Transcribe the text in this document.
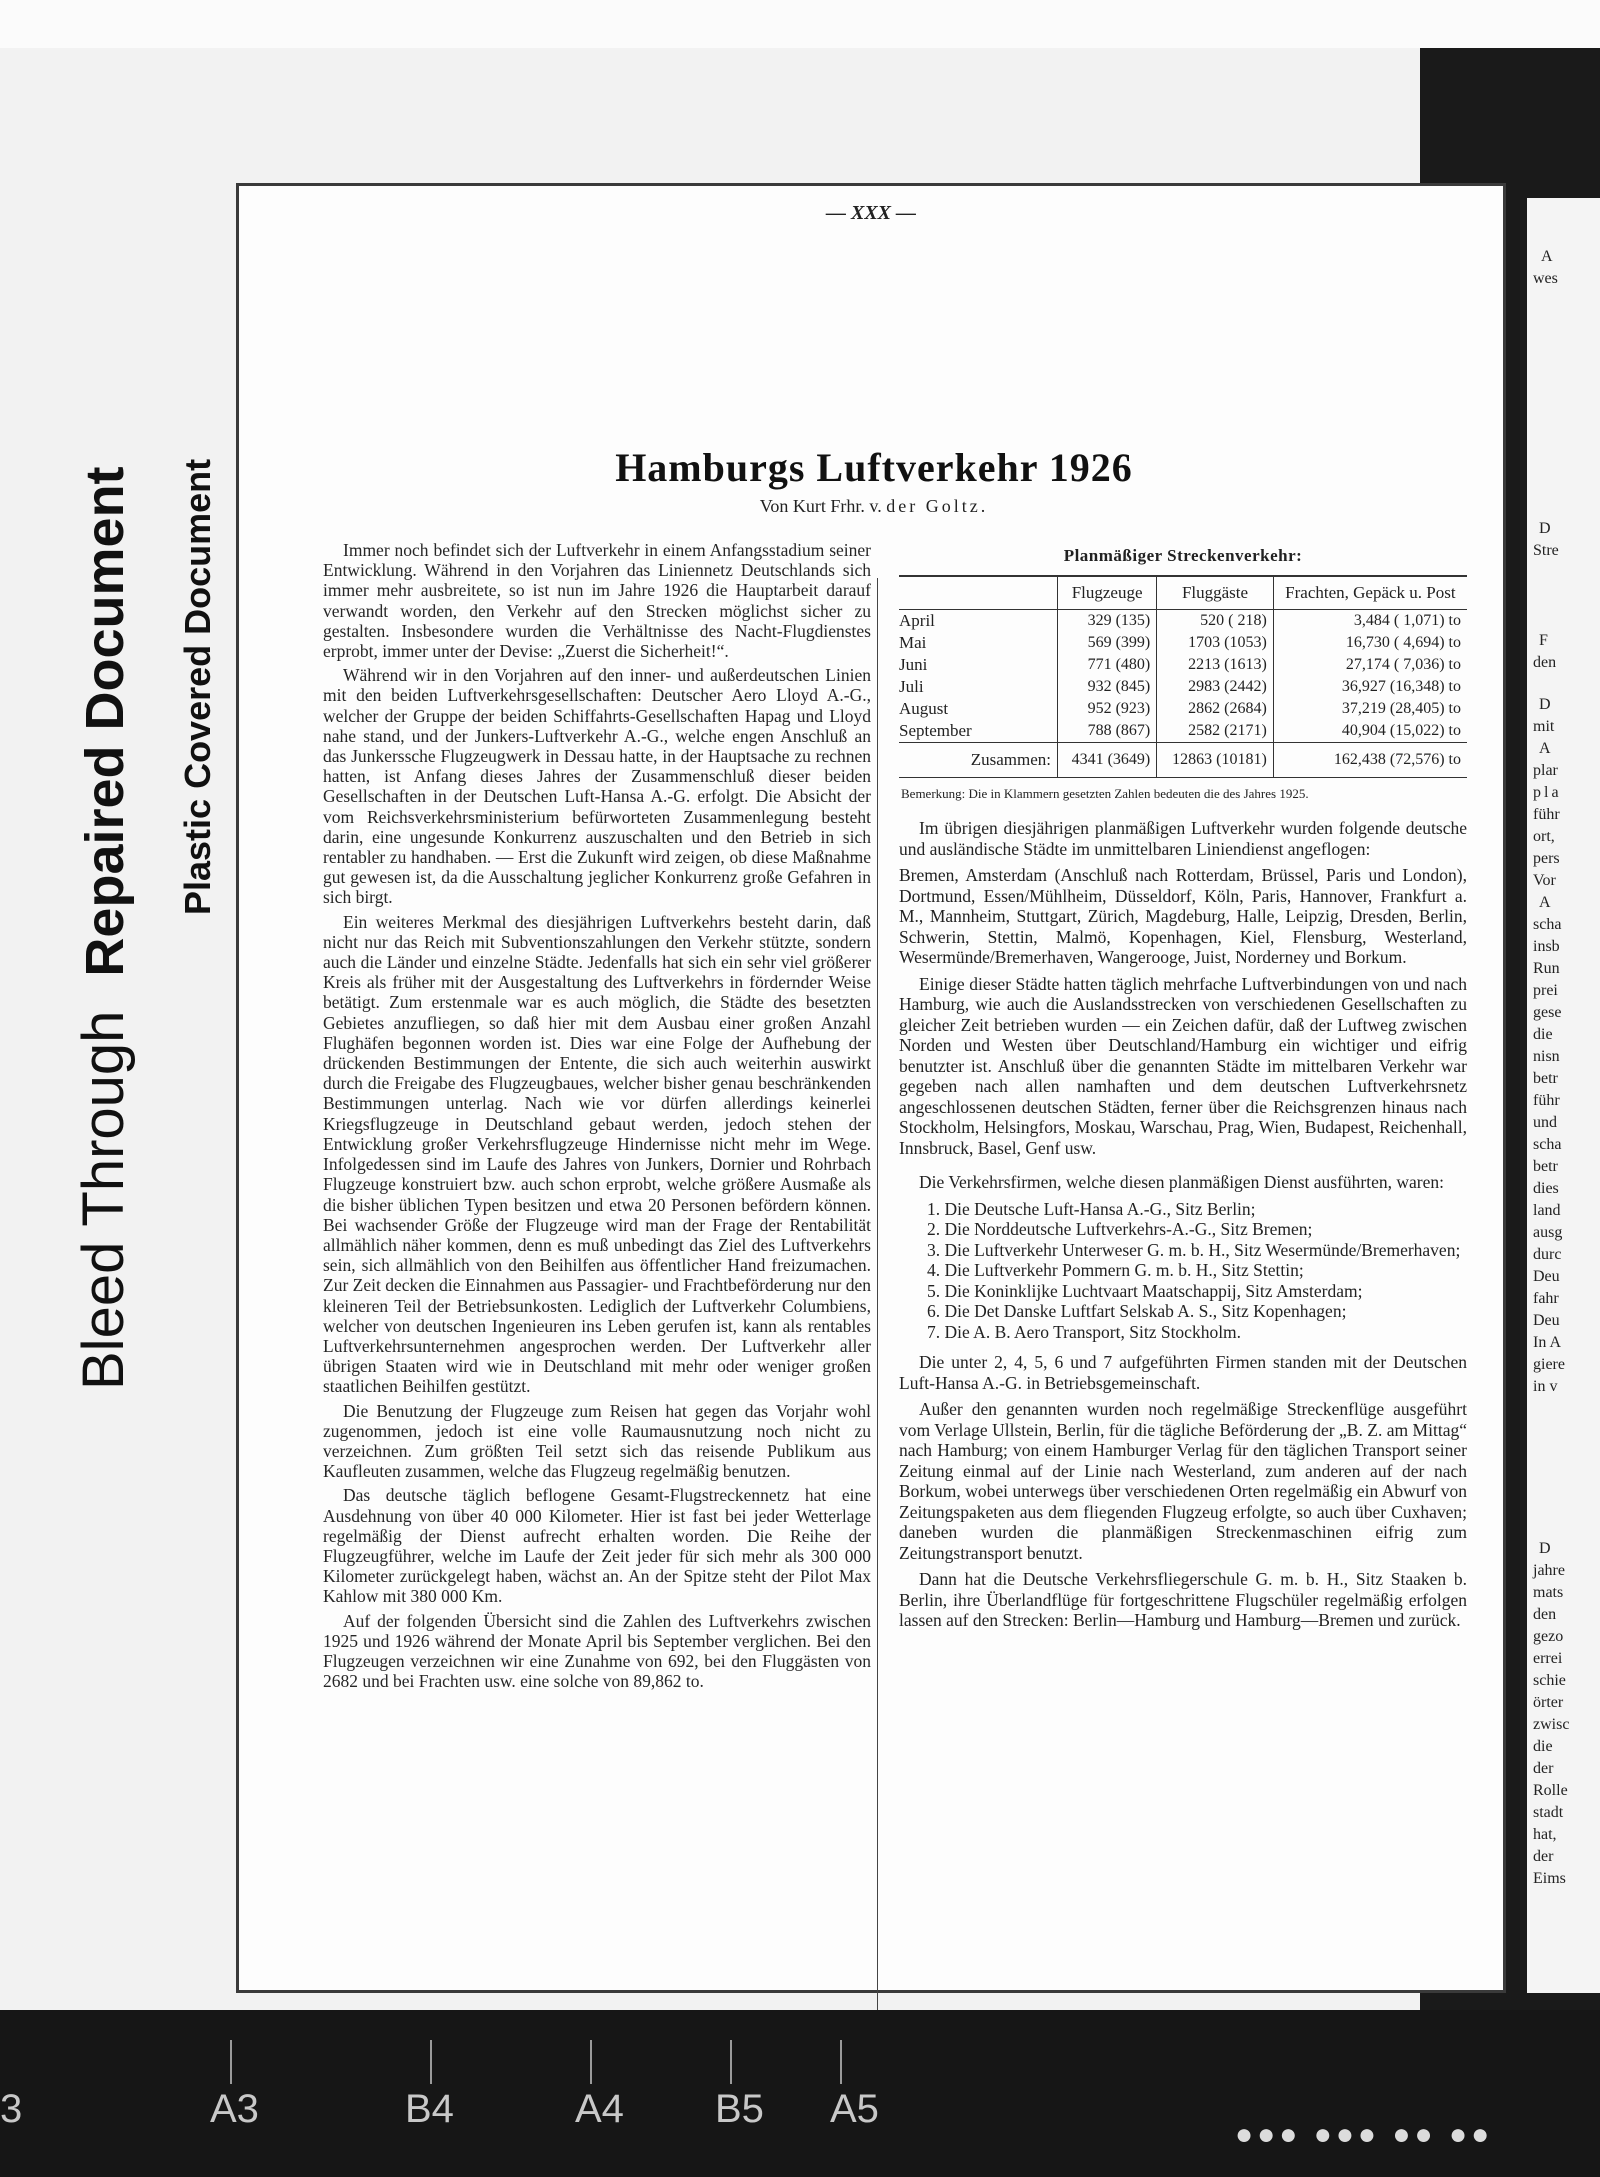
A
wes
D
Stre
F
den
D
mit
A
plar
pla
führ
ort,
pers
Vor
A
scha
insb
Run
prei
gese
die
nisn
betr
führ
und
scha
betr
dies
land
ausg
durc
Deu
fahr
Deu
In A
giere
in v
D
jahre
mats
den
gezo
errei
schie
örter
zwisc
die
der
Rolle
stadt
hat,
der
Eims
Bleed ThroughRepaired Document Plastic Covered Document
— XXX —
Hamburgs Luftverkehr 1926
Von Kurt Frhr. v. der Goltz.

Immer noch befindet sich der Luftverkehr in einem Anfangsstadium seiner Entwicklung. Während in den Vorjahren das Liniennetz Deutschlands sich immer mehr ausbreitete, so ist nun im Jahre 1926 die Hauptarbeit darauf verwandt worden, den Verkehr auf den Strecken möglichst sicher zu gestalten. Insbesondere wurden die Verhältnisse des Nacht-Flugdienstes erprobt, immer unter der Devise: „Zuerst die Sicherheit!“.

Während wir in den Vorjahren auf den inner- und außerdeutschen Linien mit den beiden Luftverkehrsgesellschaften: Deutscher Aero Lloyd A.-G., welcher der Gruppe der beiden Schiffahrts-Gesellschaften Hapag und Lloyd nahe stand, und der Junkers-Luftverkehr A.-G., welche engen Anschluß an das Junkerssche Flugzeugwerk in Dessau hatte, in der Hauptsache zu rechnen hatten, ist Anfang dieses Jahres der Zusammenschluß dieser beiden Gesellschaften in der Deutschen Luft-Hansa A.-G. erfolgt. Die Absicht der vom Reichsverkehrsministerium befürworteten Zusammenlegung besteht darin, eine ungesunde Konkurrenz auszuschalten und den Betrieb in sich rentabler zu handhaben. — Erst die Zukunft wird zeigen, ob diese Maßnahme gut gewesen ist, da die Ausschaltung jeglicher Konkurrenz große Gefahren in sich birgt.

Ein weiteres Merkmal des diesjährigen Luftverkehrs besteht darin, daß nicht nur das Reich mit Subventionszahlungen den Verkehr stützte, sondern auch die Länder und einzelne Städte. Jedenfalls hat sich ein sehr viel größerer Kreis als früher mit der Ausgestaltung des Luftverkehrs in fördernder Weise betätigt. Zum erstenmale war es auch möglich, die Städte des besetzten Gebietes anzufliegen, so daß hier mit dem Ausbau einer großen Anzahl Flughäfen begonnen worden ist. Dies war eine Folge der Aufhebung der drückenden Bestimmungen der Entente, die sich auch weiterhin auswirkt durch die Freigabe des Flugzeugbaues, welcher bisher genau beschränkenden Bestimmungen unterlag. Nach wie vor dürfen allerdings keinerlei Kriegsflugzeuge in Deutschland gebaut werden, jedoch stehen der Entwicklung großer Verkehrsflugzeuge Hindernisse nicht mehr im Wege. Infolgedessen sind im Laufe des Jahres von Junkers, Dornier und Rohrbach Flugzeuge konstruiert bzw. auch schon erprobt, welche größere Ausmaße als die bisher üblichen Typen besitzen und etwa 20 Personen befördern können. Bei wachsender Größe der Flugzeuge wird man der Frage der Rentabilität allmählich näher kommen, denn es muß unbedingt das Ziel des Luftverkehrs sein, sich allmählich von den Beihilfen aus öffentlicher Hand freizumachen. Zur Zeit decken die Einnahmen aus Passagier- und Frachtbeförderung nur den kleineren Teil der Betriebsunkosten. Lediglich der Luftverkehr Columbiens, welcher von deutschen Ingenieuren ins Leben gerufen ist, kann als rentables Luftverkehrsunternehmen angesprochen werden. Der Luftverkehr aller übrigen Staaten wird wie in Deutschland mit mehr oder weniger großen staatlichen Beihilfen gestützt.

Die Benutzung der Flugzeuge zum Reisen hat gegen das Vorjahr wohl zugenommen, jedoch ist eine volle Raumausnutzung noch nicht zu verzeichnen. Zum größten Teil setzt sich das reisende Publikum aus Kaufleuten zusammen, welche das Flugzeug regelmäßig benutzen.

Das deutsche täglich beflogene Gesamt-Flugstreckennetz hat eine Ausdehnung von über 40 000 Kilometer. Hier ist fast bei jeder Wetterlage regelmäßig der Dienst aufrecht erhalten worden. Die Reihe der Flugzeugführer, welche im Laufe der Zeit jeder für sich mehr als 300 000 Kilometer zurückgelegt haben, wächst an. An der Spitze steht der Pilot Max Kahlow mit 380 000 Km.

Auf der folgenden Übersicht sind die Zahlen des Luftverkehrs zwischen 1925 und 1926 während der Monate April bis September verglichen. Bei den Flugzeugen verzeichnen wir eine Zunahme von 692, bei den Fluggästen von 2682 und bei Frachten usw. eine solche von 89,862 to.

Planmäßiger Streckenverkehr:
	Flugzeuge	Fluggäste	Frachten, Gepäck u. Post
April	329 (135)	520 ( 218)	3,484 ( 1,071) to
Mai	569 (399)	1703 (1053)	16,730 ( 4,694) to
Juni	771 (480)	2213 (1613)	27,174 ( 7,036) to
Juli	932 (845)	2983 (2442)	36,927 (16,348) to
August	952 (923)	2862 (2684)	37,219 (28,405) to
September	788 (867)	2582 (2171)	40,904 (15,022) to
Zusammen:	4341 (3649)	12863 (10181)	162,438 (72,576) to
Bemerkung: Die in Klammern gesetzten Zahlen bedeuten die des Jahres 1925.

Im übrigen diesjährigen planmäßigen Luftverkehr wurden folgende deutsche und ausländische Städte im unmittelbaren Liniendienst angeflogen:

Bremen, Amsterdam (Anschluß nach Rotterdam, Brüssel, Paris und London), Dortmund, Essen/Mühlheim, Düsseldorf, Köln, Paris, Hannover, Frankfurt a. M., Mannheim, Stuttgart, Zürich, Magdeburg, Halle, Leipzig, Dresden, Berlin, Schwerin, Stettin, Malmö, Kopenhagen, Kiel, Flensburg, Westerland, Wesermünde/Bremerhaven, Wangerooge, Juist, Norderney und Borkum.

Einige dieser Städte hatten täglich mehrfache Luftverbindungen von und nach Hamburg, wie auch die Auslandsstrecken von verschiedenen Gesellschaften zu gleicher Zeit betrieben wurden — ein Zeichen dafür, daß der Luftweg zwischen Norden und Westen über Deutschland/Hamburg ein wichtiger und eifrig benutzter ist. Anschluß über die genannten Städte im mittelbaren Verkehr war gegeben nach allen namhaften und dem deutschen Luftverkehrsnetz angeschlossenen deutschen Städten, ferner über die Reichsgrenzen hinaus nach Stockholm, Helsingfors, Moskau, Warschau, Prag, Wien, Budapest, Reichenhall, Innsbruck, Basel, Genf usw.

Die Verkehrsfirmen, welche diesen planmäßigen Dienst ausführten, waren:

1. Die Deutsche Luft-Hansa A.-G., Sitz Berlin;
2. Die Norddeutsche Luftverkehrs-A.-G., Sitz Bremen;
3. Die Luftverkehr Unterweser G. m. b. H., Sitz Wesermünde/Bremerhaven;
4. Die Luftverkehr Pommern G. m. b. H., Sitz Stettin;
5. Die Koninklijke Luchtvaart Maatschappij, Sitz Amsterdam;
6. Die Det Danske Luftfart Selskab A. S., Sitz Kopenhagen;
7. Die A. B. Aero Transport, Sitz Stockholm.

Die unter 2, 4, 5, 6 und 7 aufgeführten Firmen standen mit der Deutschen Luft-Hansa A.-G. in Betriebsgemeinschaft.

Außer den genannten wurden noch regelmäßige Streckenflüge ausgeführt vom Verlage Ullstein, Berlin, für die tägliche Beförderung der „B. Z. am Mittag“ nach Hamburg; von einem Hamburger Verlag für den täglichen Transport seiner Zeitung einmal auf der Linie nach Westerland, zum anderen auf der nach Borkum, wobei unterwegs über verschiedenen Orten regelmäßig ein Abwurf von Zeitungspaketen aus dem fliegenden Flugzeug erfolgte, so auch über Cuxhaven; daneben wurden die planmäßigen Streckenmaschinen eifrig zum Zeitungstransport benutzt.

Dann hat die Deutsche Verkehrsfliegerschule G. m. b. H., Sitz Staaken b. Berlin, ihre Überlandflüge für fortgeschrittene Flugschüler regelmäßig erfolgen lassen auf den Strecken: Berlin—Hamburg und Hamburg—Bremen und zurück.

3	A3	B4	A4 B5 A5
●●● ●●● ●● ●●
